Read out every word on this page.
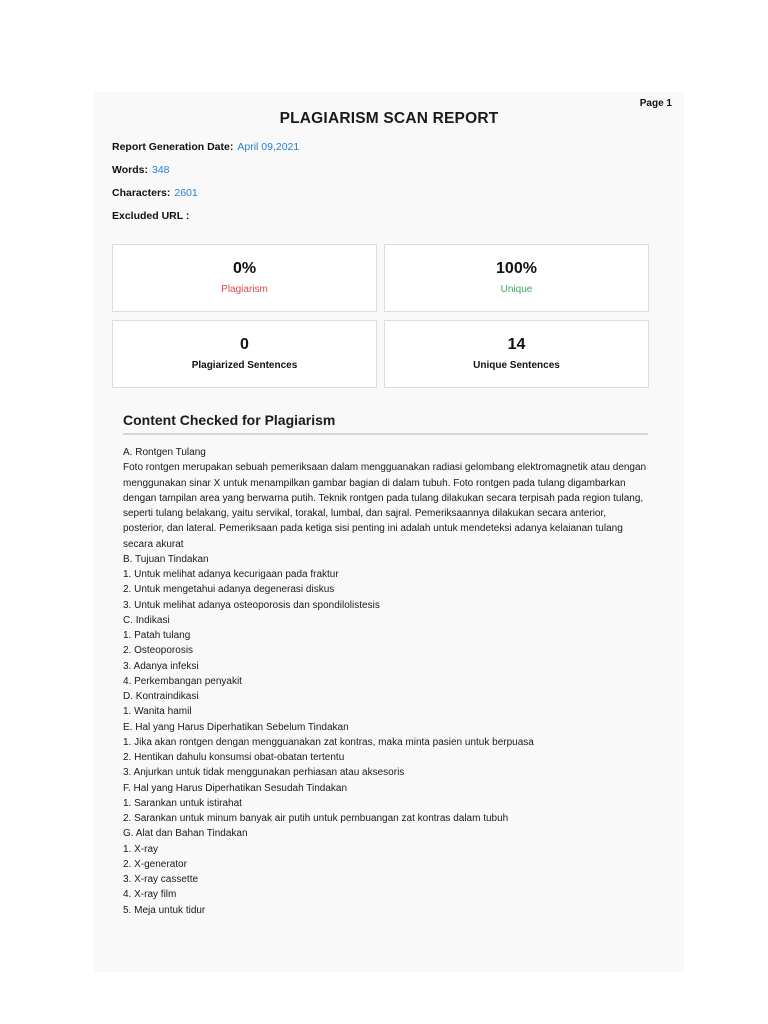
Page 1
PLAGIARISM SCAN REPORT
Report Generation Date: April 09,2021
Words: 348
Characters: 2601
Excluded URL :
0%
Plagiarism
100%
Unique
0
Plagiarized Sentences
14
Unique Sentences
Content Checked for Plagiarism
A. Rontgen Tulang
Foto rontgen merupakan sebuah pemeriksaan dalam mengguanakan radiasi gelombang elektromagnetik atau dengan menggunakan sinar X untuk menampilkan gambar bagian di dalam tubuh. Foto rontgen pada tulang digambarkan dengan tampilan area yang berwarna putih. Teknik rontgen pada tulang dilakukan secara terpisah pada region tulang, seperti tulang belakang, yaitu servikal, torakal, lumbal, dan sajral. Pemeriksaannya dilakukan secara anterior, posterior, dan lateral. Pemeriksaan pada ketiga sisi penting ini adalah untuk mendeteksi adanya kelaianan tulang secara akurat
B. Tujuan Tindakan
1. Untuk melihat adanya kecurigaan pada fraktur
2. Untuk mengetahui adanya degenerasi diskus
3. Untuk melihat adanya osteoporosis dan spondilolistesis
C. Indikasi
1. Patah tulang
2. Osteoporosis
3. Adanya infeksi
4. Perkembangan penyakit
D. Kontraindikasi
1. Wanita hamil
E. Hal yang Harus Diperhatikan Sebelum Tindakan
1. Jika akan rontgen dengan mengguanakan zat kontras, maka minta pasien untuk berpuasa
2. Hentikan dahulu konsumsi obat-obatan tertentu
3. Anjurkan untuk tidak menggunakan perhiasan atau aksesoris
F. Hal yang Harus Diperhatikan Sesudah Tindakan
1. Sarankan untuk istirahat
2. Sarankan untuk minum banyak air putih untuk pembuangan zat kontras dalam tubuh
G. Alat dan Bahan Tindakan
1. X-ray
2. X-generator
3. X-ray cassette
4. X-ray film
5. Meja untuk tidur
